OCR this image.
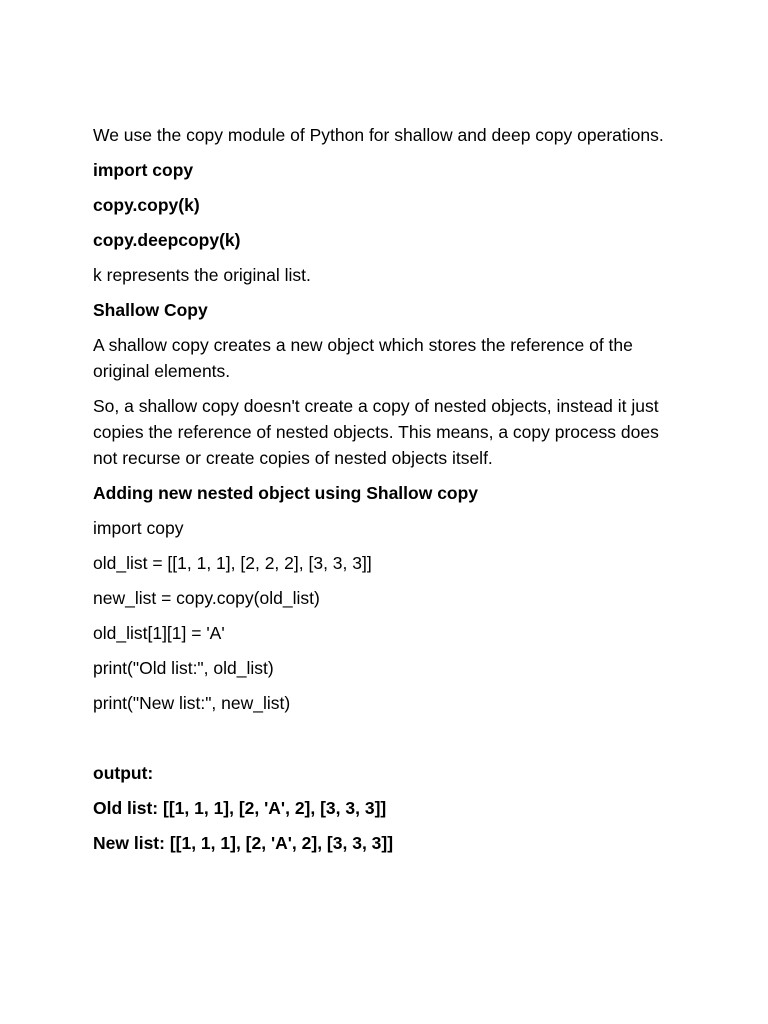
We use the copy module of Python for shallow and deep copy operations.

import copy

copy.copy(k)

copy.deepcopy(k)

k represents the original list.

Shallow Copy

A shallow copy creates a new object which stores the reference of the original elements.

So, a shallow copy doesn't create a copy of nested objects, instead it just copies the reference of nested objects. This means, a copy process does not recurse or create copies of nested objects itself.

Adding new nested object using Shallow copy

import copy

old_list = [[1, 1, 1], [2, 2, 2], [3, 3, 3]]

new_list = copy.copy(old_list)

old_list[1][1] = 'A'

print("Old list:", old_list)

print("New list:", new_list)

output:

Old list: [[1, 1, 1], [2, 'A', 2], [3, 3, 3]]

New list: [[1, 1, 1], [2, 'A', 2], [3, 3, 3]]
